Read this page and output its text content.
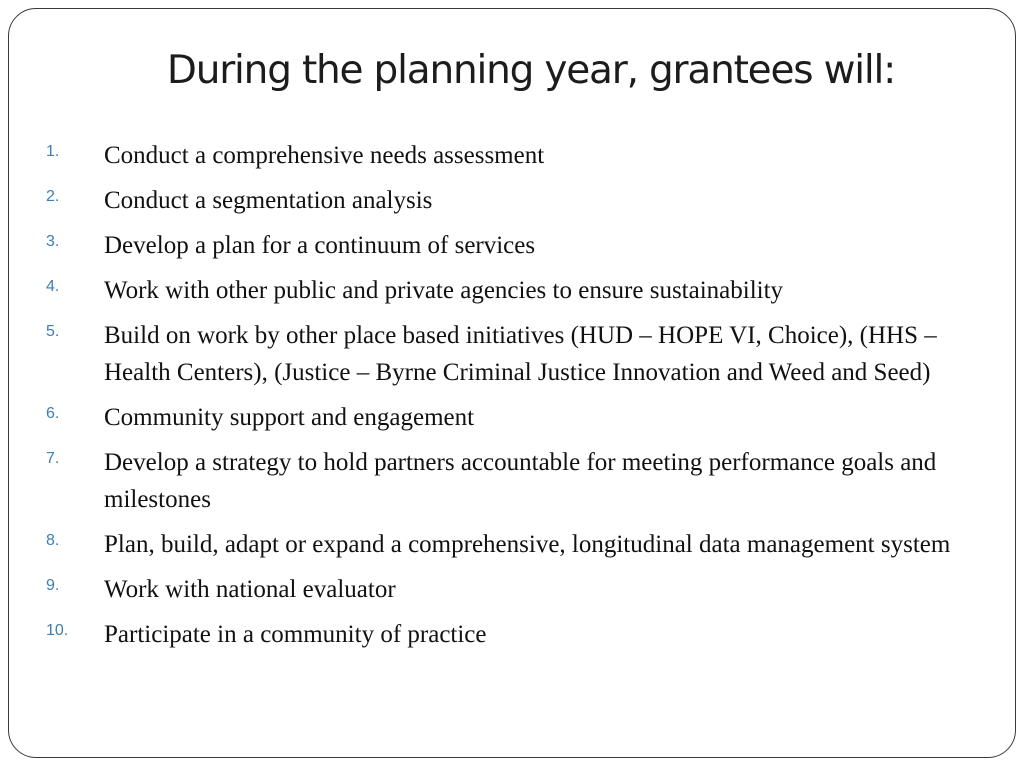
During the planning year, grantees will:
1. Conduct a comprehensive needs assessment
2. Conduct a segmentation analysis
3. Develop a plan for a continuum of services
4. Work with other public and private agencies to ensure sustainability
5. Build on work by other place based initiatives (HUD – HOPE VI, Choice), (HHS – Health Centers), (Justice – Byrne Criminal Justice Innovation and Weed and Seed)
6. Community support and engagement
7. Develop a strategy to hold partners accountable for meeting performance goals and milestones
8. Plan, build, adapt or expand a comprehensive, longitudinal data management system
9. Work with national evaluator
10. Participate in a community of practice
